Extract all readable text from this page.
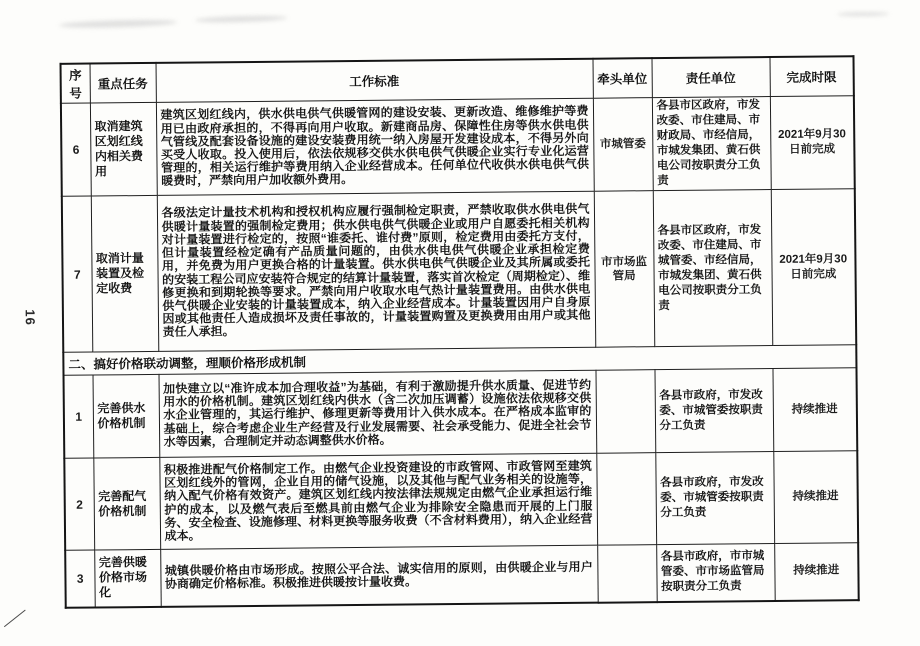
16
序号	重点任务	工作标准	牵头单位	责任单位	完成时限
6	取消建筑区划红线内相关费用	建筑区划红线内，供水供电供气供暖管网的建设安装、更新改造、维修维护等费用已由政府承担的，不得再向用户收取。新建商品房、保障性住房等供水供电供气管线及配套设备设施的建设安装费用统一纳入房屋开发建设成本，不得另外向买受人收取。投入使用后，依法依规移交供水供电供气供暖企业实行专业化运营管理的，相关运行维护等费用纳入企业经营成本。任何单位代收供水供电供气供暖费时，严禁向用户加收额外费用。	市城管委	各县市区政府，市发改委、市住建局、市财政局、市经信局，市城发集团、黄石供电公司按职责分工负责	2021年9月30日前完成
7	取消计量装置及检定收费	各级法定计量技术机构和授权机构应履行强制检定职责，严禁收取供水供电供气供暖计量装置的强制检定费用；供水供电供气供暖企业或用户自愿委托相关机构对计量装置进行检定的，按照“谁委托、谁付费”原则，检定费用由委托方支付，但计量装置经检定确有产品质量问题的，由供水供电供气供暖企业承担检定费用，并免费为用户更换合格的计量装置。供水供电供气供暖企业及其所属或委托的安装工程公司应安装符合规定的结算计量装置，落实首次检定（周期检定）、维修更换和到期轮换等要求。严禁向用户收取水电气热计量装置费用。由供水供电供气供暖企业安装的计量装置成本，纳入企业经营成本。计量装置因用户自身原因或其他责任人造成损坏及责任事故的，计量装置购置及更换费用由用户或其他责任人承担。	市市场监管局	各县市区政府，市发改委、市住建局、市城管委、市经信局，市城发集团、黄石供电公司按职责分工负责	2021年9月30日前完成
二、搞好价格联动调整，理顺价格形成机制					
1	完善供水价格机制	加快建立以“准许成本加合理收益”为基础，有利于激励提升供水质量、促进节约用水的价格机制。建筑区划红线内供水（含二次加压调蓄）设施依法依规移交供水企业管理的，其运行维护、修理更新等费用计入供水成本。在严格成本监审的基础上，综合考虑企业生产经营及行业发展需要、社会承受能力、促进全社会节水等因素，合理制定并动态调整供水价格。		各县市政府，市发改委、市城管委按职责分工负责	持续推进
2	完善配气价格机制	积极推进配气价格制定工作。由燃气企业投资建设的市政管网、市政管网至建筑区划红线外的管网，企业自用的储气设施，以及其他与配气业务相关的设施等，纳入配气价格有效资产。建筑区划红线内按法律法规规定由燃气企业承担运行维护的成本，以及燃气表后至燃具前由燃气企业为排除安全隐患而开展的上门服务、安全检查、设施修理、材料更换等服务收费（不含材料费用），纳入企业经营成本。		各县市政府，市发改委、市城管委按职责分工负责	持续推进
3	完善供暖价格市场化	城镇供暖价格由市场形成。按照公平合法、诚实信用的原则，由供暖企业与用户协商确定价格标准。积极推进供暖按计量收费。		各县市政府，市市城管委、市市场监管局按职责分工负责	持续推进
